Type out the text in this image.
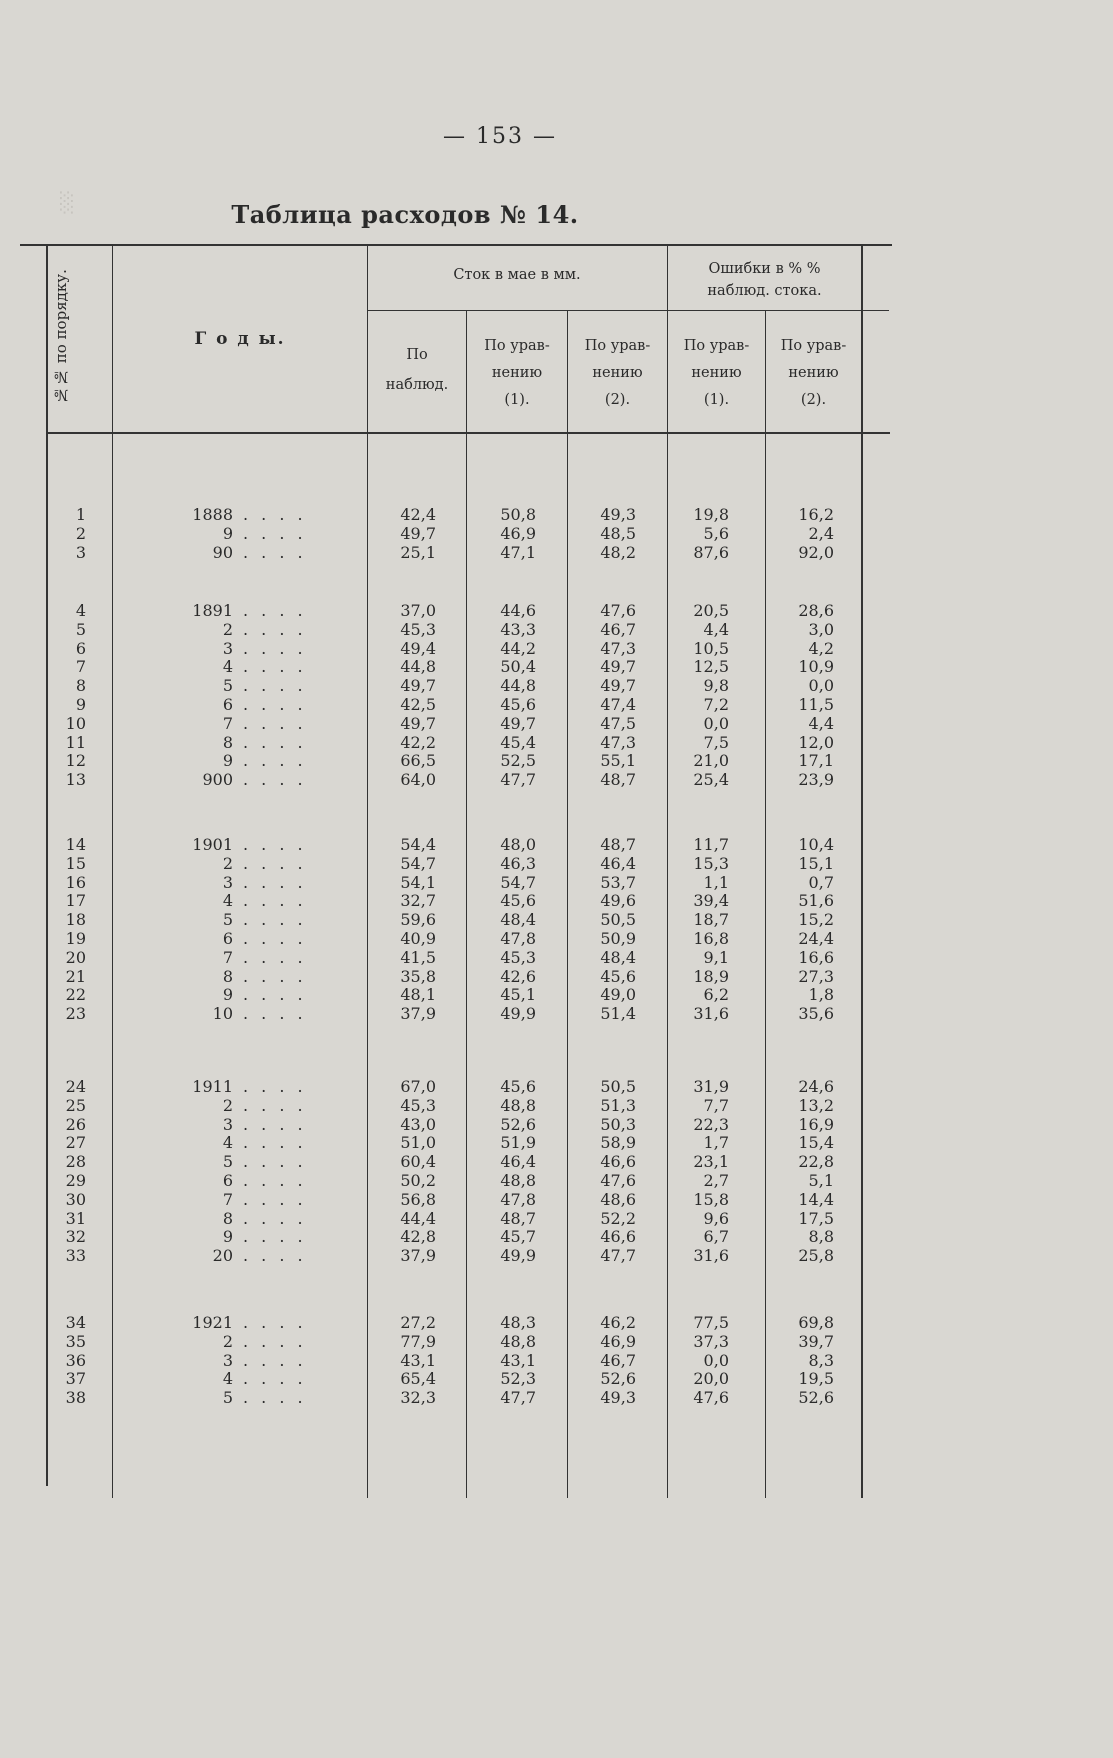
░
— 153 —
Таблица расходов № 14.
№№ по порядку.	Г о д ы.
Сток в мае в мм.	Ошибки в % %
наблюд. стока.
По
наблюд.
По урав-
нению
(1).
По урав-
нению
(2).
По урав-
нению
(1).
По урав-
нению
(2).
1	1888	42,4	50,8	49,3	19,8	16,2
. . . .
2	9	49,7	46,9	48,5	5,6	2,4
. . . .
3	90	25,1	47,1	48,2	87,6	92,0
. . . .
4	1891	37,0	44,6	47,6	20,5	28,6
. . . .
5	2	45,3	43,3	46,7	4,4	3,0
. . . .
6	3	49,4	44,2	47,3	10,5	4,2
. . . .
7	4	44,8	50,4	49,7	12,5	10,9
. . . .
8	5	49,7	44,8	49,7	9,8	0,0
. . . .
9	6	42,5	45,6	47,4	7,2	11,5
. . . .
10	7	49,7	49,7	47,5	0,0	4,4
. . . .
11	8	42,2	45,4	47,3	7,5	12,0
. . . .
12	9	66,5	52,5	55,1	21,0	17,1
. . . .
13	900	64,0	47,7	48,7	25,4	23,9
. . . .
14	1901	54,4	48,0	48,7	11,7	10,4
. . . .
15	2	54,7	46,3	46,4	15,3	15,1
. . . .
16	3	54,1	54,7	53,7	1,1	0,7
. . . .
17	4	32,7	45,6	49,6	39,4	51,6
. . . .
18	5	59,6	48,4	50,5	18,7	15,2
. . . .
19	6	40,9	47,8	50,9	16,8	24,4
. . . .
20	7	41,5	45,3	48,4	9,1	16,6
. . . .
21	8	35,8	42,6	45,6	18,9	27,3
. . . .
22	9	48,1	45,1	49,0	6,2	1,8
. . . .
23	10	37,9	49,9	51,4	31,6	35,6
. . . .
24	1911	67,0	45,6	50,5	31,9	24,6
. . . .
25	2	45,3	48,8	51,3	7,7	13,2
. . . .
26	3	43,0	52,6	50,3	22,3	16,9
. . . .
27	4	51,0	51,9	58,9	1,7	15,4
. . . .
28	5	60,4	46,4	46,6	23,1	22,8
. . . .
29	6	50,2	48,8	47,6	2,7	5,1
. . . .
30	7	56,8	47,8	48,6	15,8	14,4
. . . .
31	8	44,4	48,7	52,2	9,6	17,5
. . . .
32	9	42,8	45,7	46,6	6,7	8,8
. . . .
33	20	37,9	49,9	47,7	31,6	25,8
. . . .
34	1921	27,2	48,3	46,2	77,5	69,8
. . . .
35	2	77,9	48,8	46,9	37,3	39,7
. . . .
36	3	43,1	43,1	46,7	0,0	8,3
. . . .
37	4	65,4	52,3	52,6	20,0	19,5
. . . .
38	5	32,3	47,7	49,3	47,6	52,6
. . . .
